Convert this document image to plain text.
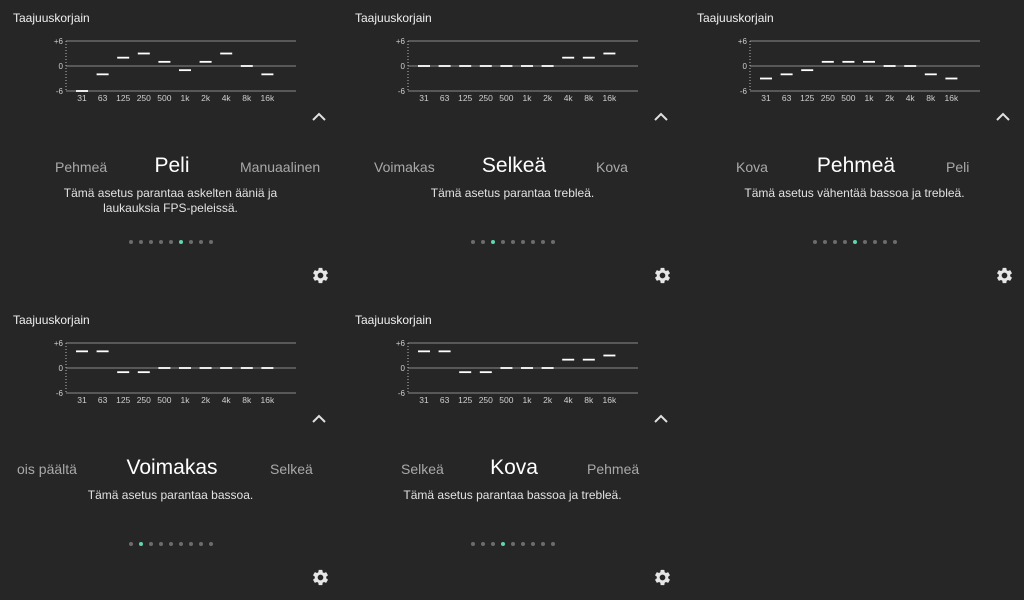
Taajuuskorjain
+6
0
-6
31 63 125 250 500 1k 2k 4k 8k 16k
Pehmeä	Peli	Manuaalinen
Tämä asetus parantaa askelten ääniä ja laukauksia FPS-peleissä.
Taajuuskorjain
+6
0
-6
31 63 125 250 500 1k 2k 4k 8k 16k
Voimakas	Selkeä	Kova
Tämä asetus parantaa trebleä.
Taajuuskorjain
+6
0
-6
31 63 125 250 500 1k 2k 4k 8k 16k
Kova	Pehmeä	Peli
Tämä asetus vähentää bassoa ja trebleä.
Taajuuskorjain
+6
0
-6
31 63 125 250 500 1k 2k 4k 8k 16k
ois päältä	Voimakas	Selkeä
Tämä asetus parantaa bassoa.
Taajuuskorjain
+6
0
-6
31 63 125 250 500 1k 2k 4k 8k 16k
Selkeä	Kova	Pehmeä
Tämä asetus parantaa bassoa ja trebleä.
